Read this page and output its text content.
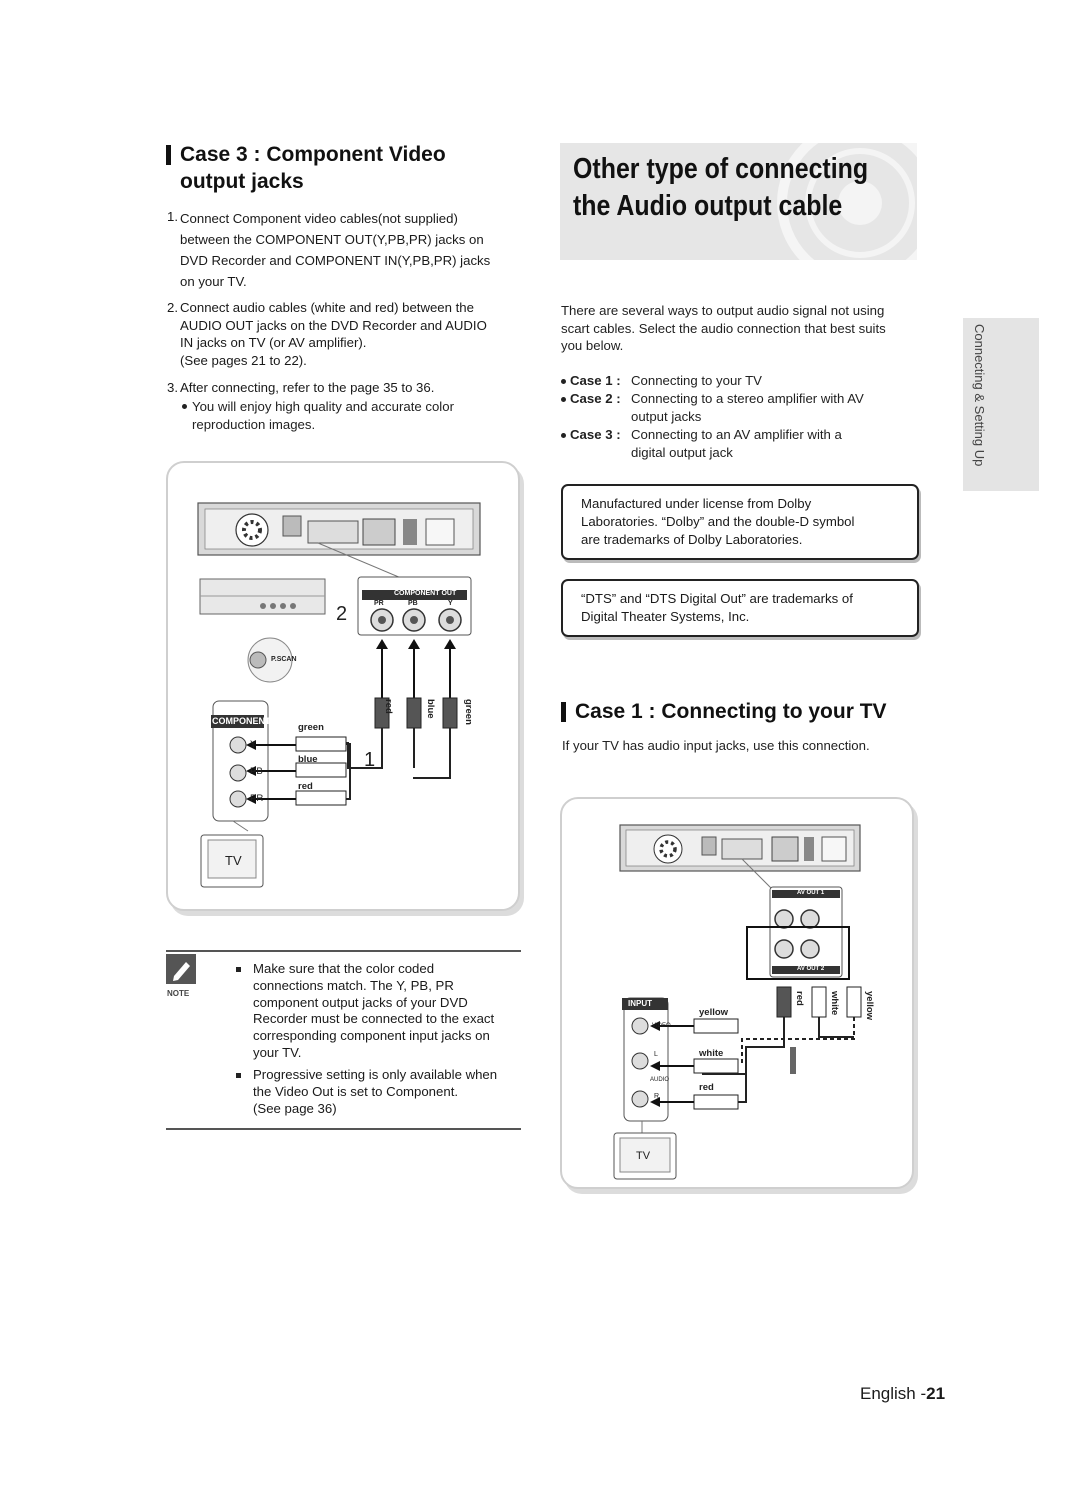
Case 3 : Component Video
output jacks
1. Connect Component video cables(not supplied)
between the COMPONENT OUT(Y,PB,PR) jacks on
DVD Recorder and COMPONENT IN(Y,PB,PR) jacks
on your TV.
2. Connect audio cables (white and red) between the
AUDIO OUT jacks on the DVD Recorder and AUDIO
IN jacks on TV (or AV amplifier).
(See pages 21 to 22).
3. After connecting, refer to the page 35 to 36.
You will enjoy high quality and accurate color
reproduction images.
COMPONENT OUT
PR	PB	Y
2
1
P.SCAN
COMPONENT
Y
PB
PR
green
blue
red
red	blue	green
TV
NOTE
Make sure that the color coded
connections match. The Y, PB, PR
component output jacks of your DVD
Recorder must be connected to the exact
corresponding component input jacks on
your TV.
Progressive setting is only available when
the Video Out is set to Component.
(See page 36)
Other type of connecting
the Audio output cable
Connecting & Setting Up
There are several ways to output audio signal not using
scart cables. Select the audio connection that best suits
you below.
Case 1 : Connecting to your TV
Case 2 : Connecting to a stereo amplifier with AV
output jacks
Case 3 : Connecting to an AV amplifier with a
digital output jack
Manufactured under license from Dolby
Laboratories. “Dolby” and the double-D symbol
are trademarks of Dolby Laboratories.
“DTS” and “DTS Digital Out” are trademarks of
Digital Theater Systems, Inc.
Case 1 : Connecting to your TV
If your TV has audio input jacks, use this connection.
AV OUT 1
AV OUT 2
INPUT
VIDEO
L
AUDIO
R
yellow
white
red
red	white	yellow
TV
English -21
